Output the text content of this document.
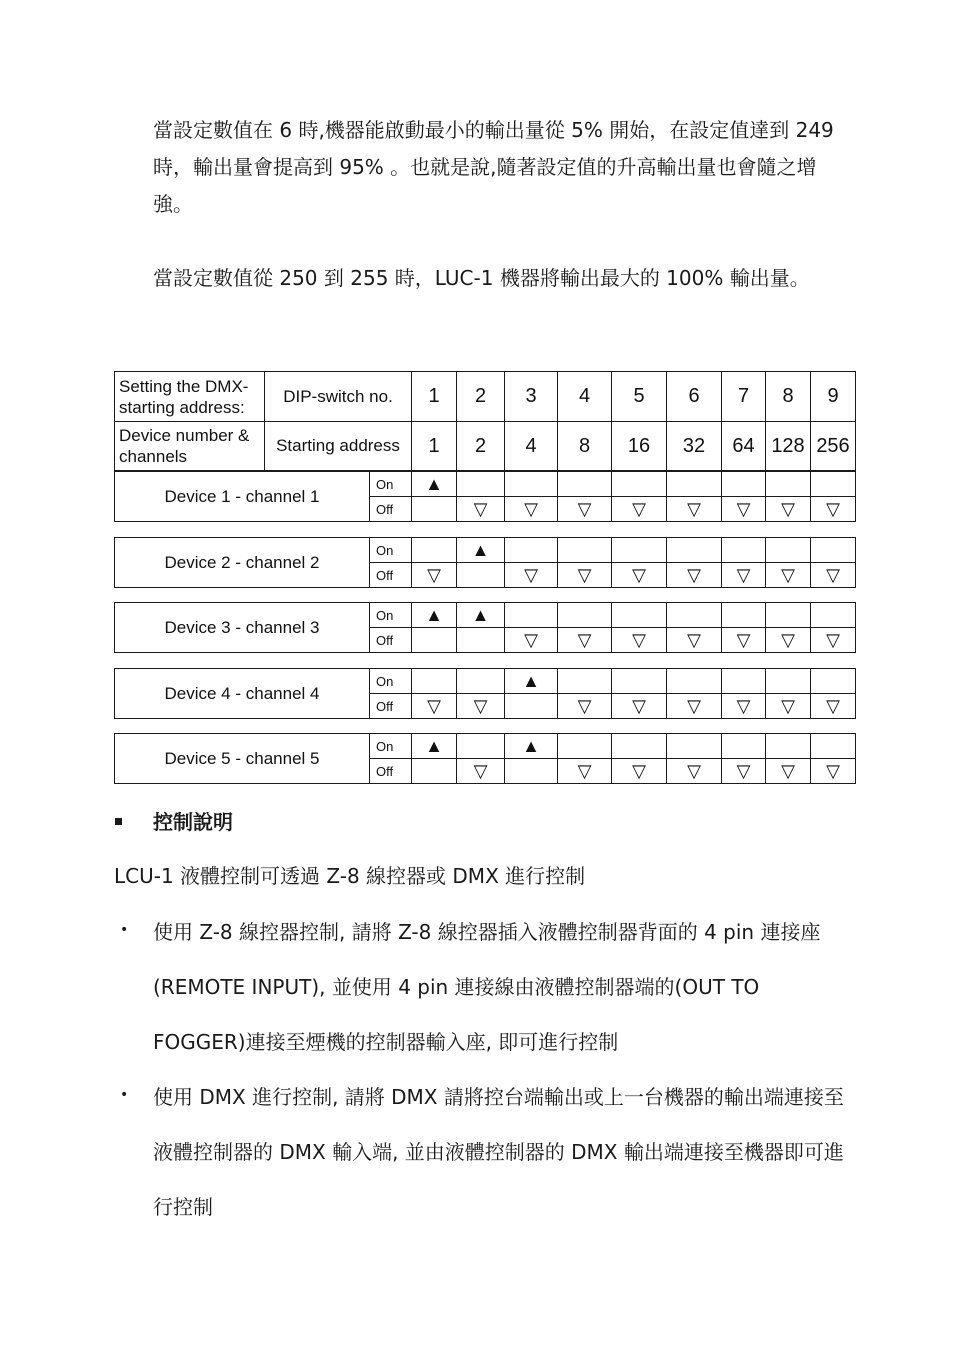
當設定數值在 6 時,機器能啟動最小的輸出量從 5% 開始，在設定值達到 249 時，輸出量會提高到 95% 。也就是說,隨著設定值的升高輸出量也會隨之增強。

當設定數值從 250 到 255 時，LUC-1 機器將輸出最大的 100% 輸出量。

Setting the DMX-starting address:
DIP-switch no.
Device number & channels
Starting address
1
1
2
2
3
4
4
8
5
16
6
32
7
64
8
128
9
256
Device 1 - channel 1
On
Off
▲
▽ ▽ ▽ ▽ ▽ ▽ ▽ ▽
Device 2 - channel 2
On
Off	▽
▲
▽ ▽ ▽ ▽ ▽ ▽ ▽
Device 3 - channel 3
On
Off
▲ ▲
▽ ▽ ▽ ▽ ▽ ▽ ▽
Device 4 - channel 4
On
Off	▽ ▽
▲
▽ ▽ ▽ ▽ ▽ ▽
Device 5 - channel 5
On
Off
▲
▽
▲
▽ ▽ ▽ ▽ ▽ ▽
控制說明

LCU-1 液體控制可透過 Z-8 線控器或 DMX 進行控制

• 使用 Z-8 線控器控制, 請將 Z-8 線控器插入液體控制器背面的 4 pin 連接座(REMOTE INPUT), 並使用 4 pin 連接線由液體控制器端的(OUT TO FOGGER)連接至煙機的控制器輸入座, 即可進行控制

• 使用 DMX 進行控制, 請將 DMX 請將控台端輸出或上一台機器的輸出端連接至液體控制器的 DMX 輸入端, 並由液體控制器的 DMX 輸出端連接至機器即可進行控制
